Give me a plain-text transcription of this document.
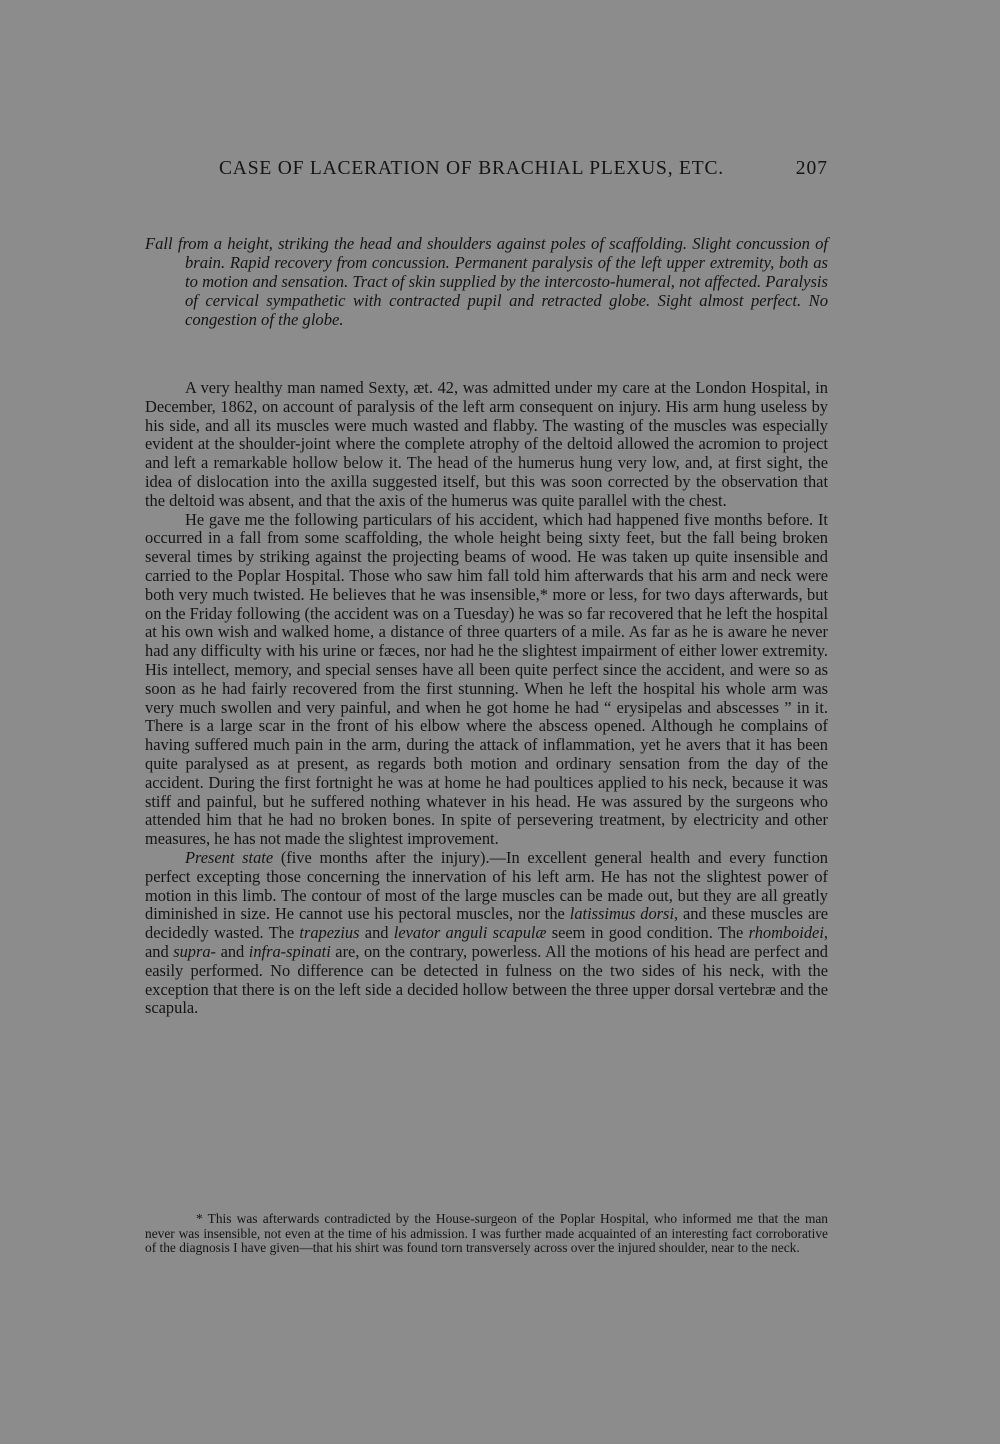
CASE OF LACERATION OF BRACHIAL PLEXUS, ETC.	207

Fall from a height, striking the head and shoulders against poles of scaffolding. Slight concussion of brain. Rapid recovery from concussion. Permanent paralysis of the left upper extremity, both as to motion and sensation. Tract of skin supplied by the intercosto-humeral, not affected. Paralysis of cervical sympathetic with contracted pupil and retracted globe. Sight almost perfect. No congestion of the globe.

A very healthy man named Sexty, æt. 42, was admitted under my care at the London Hospital, in December, 1862, on account of paralysis of the left arm consequent on injury. His arm hung useless by his side, and all its muscles were much wasted and flabby. The wasting of the muscles was especially evident at the shoulder-joint where the complete atrophy of the deltoid allowed the acromion to project and left a remarkable hollow below it. The head of the humerus hung very low, and, at first sight, the idea of dislocation into the axilla suggested itself, but this was soon corrected by the observation that the deltoid was absent, and that the axis of the humerus was quite parallel with the chest.

He gave me the following particulars of his accident, which had happened five months before. It occurred in a fall from some scaffolding, the whole height being sixty feet, but the fall being broken several times by striking against the projecting beams of wood. He was taken up quite insensible and carried to the Poplar Hospital. Those who saw him fall told him afterwards that his arm and neck were both very much twisted. He believes that he was insensible,* more or less, for two days afterwards, but on the Friday following (the accident was on a Tuesday) he was so far recovered that he left the hospital at his own wish and walked home, a distance of three quarters of a mile. As far as he is aware he never had any difficulty with his urine or fæces, nor had he the slightest impairment of either lower extremity. His intellect, memory, and special senses have all been quite perfect since the accident, and were so as soon as he had fairly recovered from the first stunning. When he left the hospital his whole arm was very much swollen and very painful, and when he got home he had “ erysipelas and abscesses ” in it. There is a large scar in the front of his elbow where the abscess opened. Although he complains of having suffered much pain in the arm, during the attack of inflammation, yet he avers that it has been quite paralysed as at present, as regards both motion and ordinary sensation from the day of the accident. During the first fortnight he was at home he had poultices applied to his neck, because it was stiff and painful, but he suffered nothing whatever in his head. He was assured by the surgeons who attended him that he had no broken bones. In spite of persevering treatment, by electricity and other measures, he has not made the slightest improvement.

Present state (five months after the injury).—In excellent general health and every function perfect excepting those concerning the innervation of his left arm. He has not the slightest power of motion in this limb. The contour of most of the large muscles can be made out, but they are all greatly diminished in size. He cannot use his pectoral muscles, nor the latissimus dorsi, and these muscles are decidedly wasted. The trapezius and levator anguli scapulæ seem in good condition. The rhomboidei, and supra- and infra-spinati are, on the contrary, powerless. All the motions of his head are perfect and easily performed. No difference can be detected in fulness on the two sides of his neck, with the exception that there is on the left side a decided hollow between the three upper dorsal vertebræ and the scapula.

* This was afterwards contradicted by the House-surgeon of the Poplar Hospital, who informed me that the man never was insensible, not even at the time of his admission. I was further made acquainted of an interesting fact corroborative of the diagnosis I have given—that his shirt was found torn transversely across over the injured shoulder, near to the neck.
